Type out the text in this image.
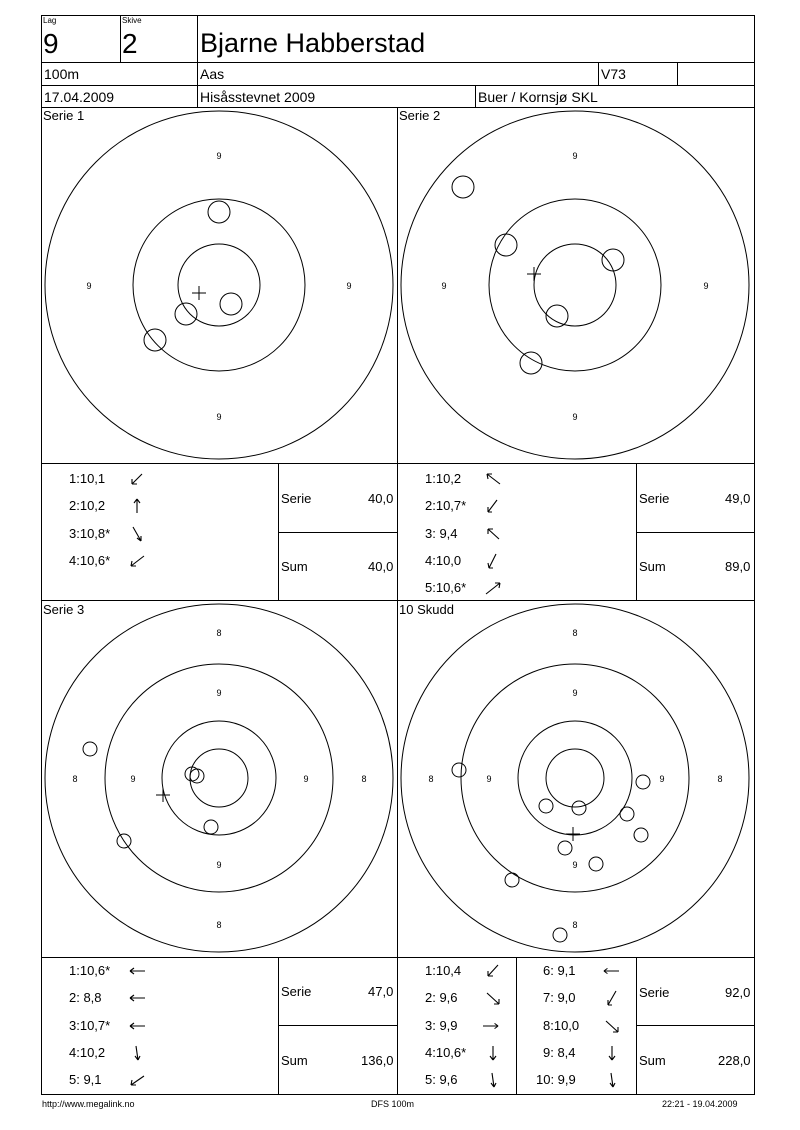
Lag
9
Skive
2 Bjarne Habberstad
100m	Aas	V73
17.04.2009	Hisåsstevnet 2009	Buer / Kornsjø SKL
Serie 1	Serie 2
Serie 3	10 Skudd
9
9
9	9
9
9
9	9
8
9
9
8
8	9	9	8
8
9
9
8
8	9	9	8
1:10,1
2:10,2
3:10,8*
4:10,6*
Serie	40,0
Sum	40,0
1:10,2
2:10,7*
3: 9,4
4:10,0
5:10,6*
Serie	49,0
Sum	89,0
1:10,6*
2: 8,8
3:10,7*
4:10,2
5: 9,1
Serie	47,0
Sum	136,0
1:10,4
2: 9,6
3: 9,9
4:10,6*
5: 9,6
6: 9,1
7: 9,0
8:10,0
9: 8,4
10: 9,9
Serie	92,0
Sum	228,0
http://www.megalink.no	DFS 100m	22:21 - 19.04.2009
